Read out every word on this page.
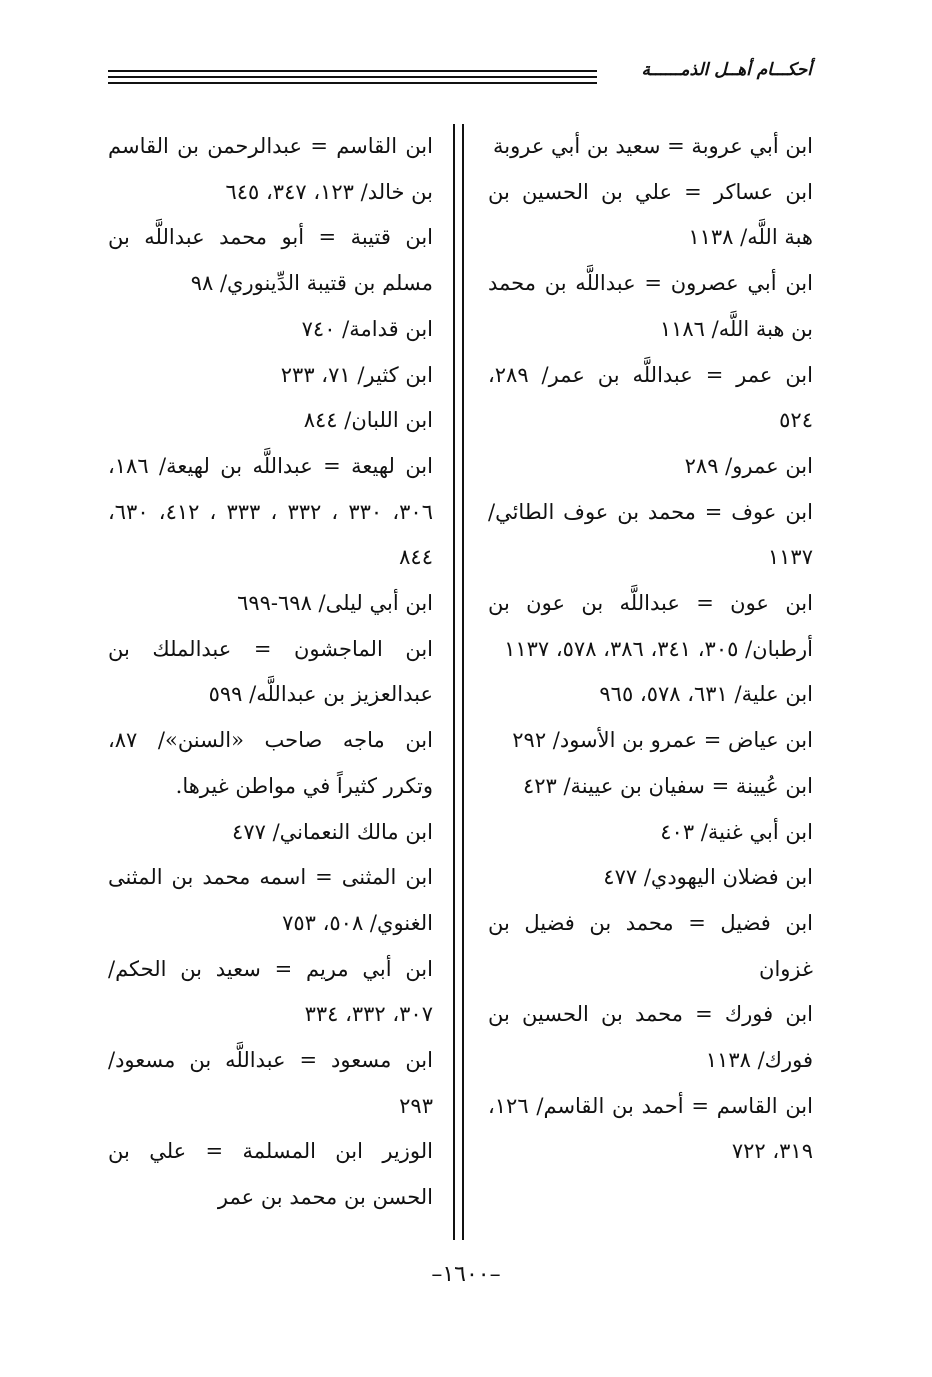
أحكـــام أهــل الذمــــــة
ابن أبي عروبة = سعيد بن أبي عروبة
ابن عساكر = علي بن الحسين بن هبة اللَّه/ ١١٣٨
ابن أبي عصرون = عبداللَّه بن محمد بن هبة اللَّه/ ١١٨٦
ابن عمر = عبداللَّه بن عمر/ ٢٨٩، ٥٢٤
ابن عمرو/ ٢٨٩
ابن عوف = محمد بن عوف الطائي/ ١١٣٧
ابن عون = عبداللَّه بن عون بن أرطبان/ ٣٠٥، ٣٤١، ٣٨٦، ٥٧٨، ١١٣٧
ابن علية/ ٦٣١، ٥٧٨، ٩٦٥
ابن عياض = عمرو بن الأسود/ ٢٩٢
ابن عُيينة = سفيان بن عيينة/ ٤٢٣
ابن أبي غنية/ ٤٠٣
ابن فضلان اليهودي/ ٤٧٧
ابن فضيل = محمد بن فضيل بن غزوان
ابن فورك = محمد بن الحسين بن فورك/ ١١٣٨
ابن القاسم = أحمد بن القاسم/ ١٢٦، ٣١٩، ٧٢٢
ابن القاسم = عبدالرحمن بن القاسم بن خالد/ ١٢٣، ٣٤٧، ٦٤٥
ابن قتيبة = أبو محمد عبداللَّه بن مسلم بن قتيبة الدِّينوري/ ٩٨
ابن قدامة/ ٧٤٠
ابن كثير/ ٧١، ٢٣٣
ابن اللبان/ ٨٤٤
ابن لهيعة = عبداللَّه بن لهيعة/ ١٨٦، ٣٠٦، ٣٣٠ ، ٣٣٢ ، ٣٣٣ ، ٤١٢، ٦٣٠، ٨٤٤
ابن أبي ليلى/ ٦٩٨-٦٩٩
ابن الماجشون = عبدالملك بن عبدالعزيز بن عبداللَّه/ ٥٩٩
ابن ماجه صاحب «السنن»/ ٨٧، وتكرر كثيراً في مواطن غيرها.
ابن مالك النعماني/ ٤٧٧
ابن المثنى = اسمه محمد بن المثنى الغنوي/ ٥٠٨، ٧٥٣
ابن أبي مريم = سعيد بن الحكم/ ٣٠٧، ٣٣٢، ٣٣٤
ابن مسعود = عبداللَّه بن مسعود/ ٢٩٣
الوزير ابن المسلمة = علي بن الحسن بن محمد بن عمر
–١٦٠٠–
